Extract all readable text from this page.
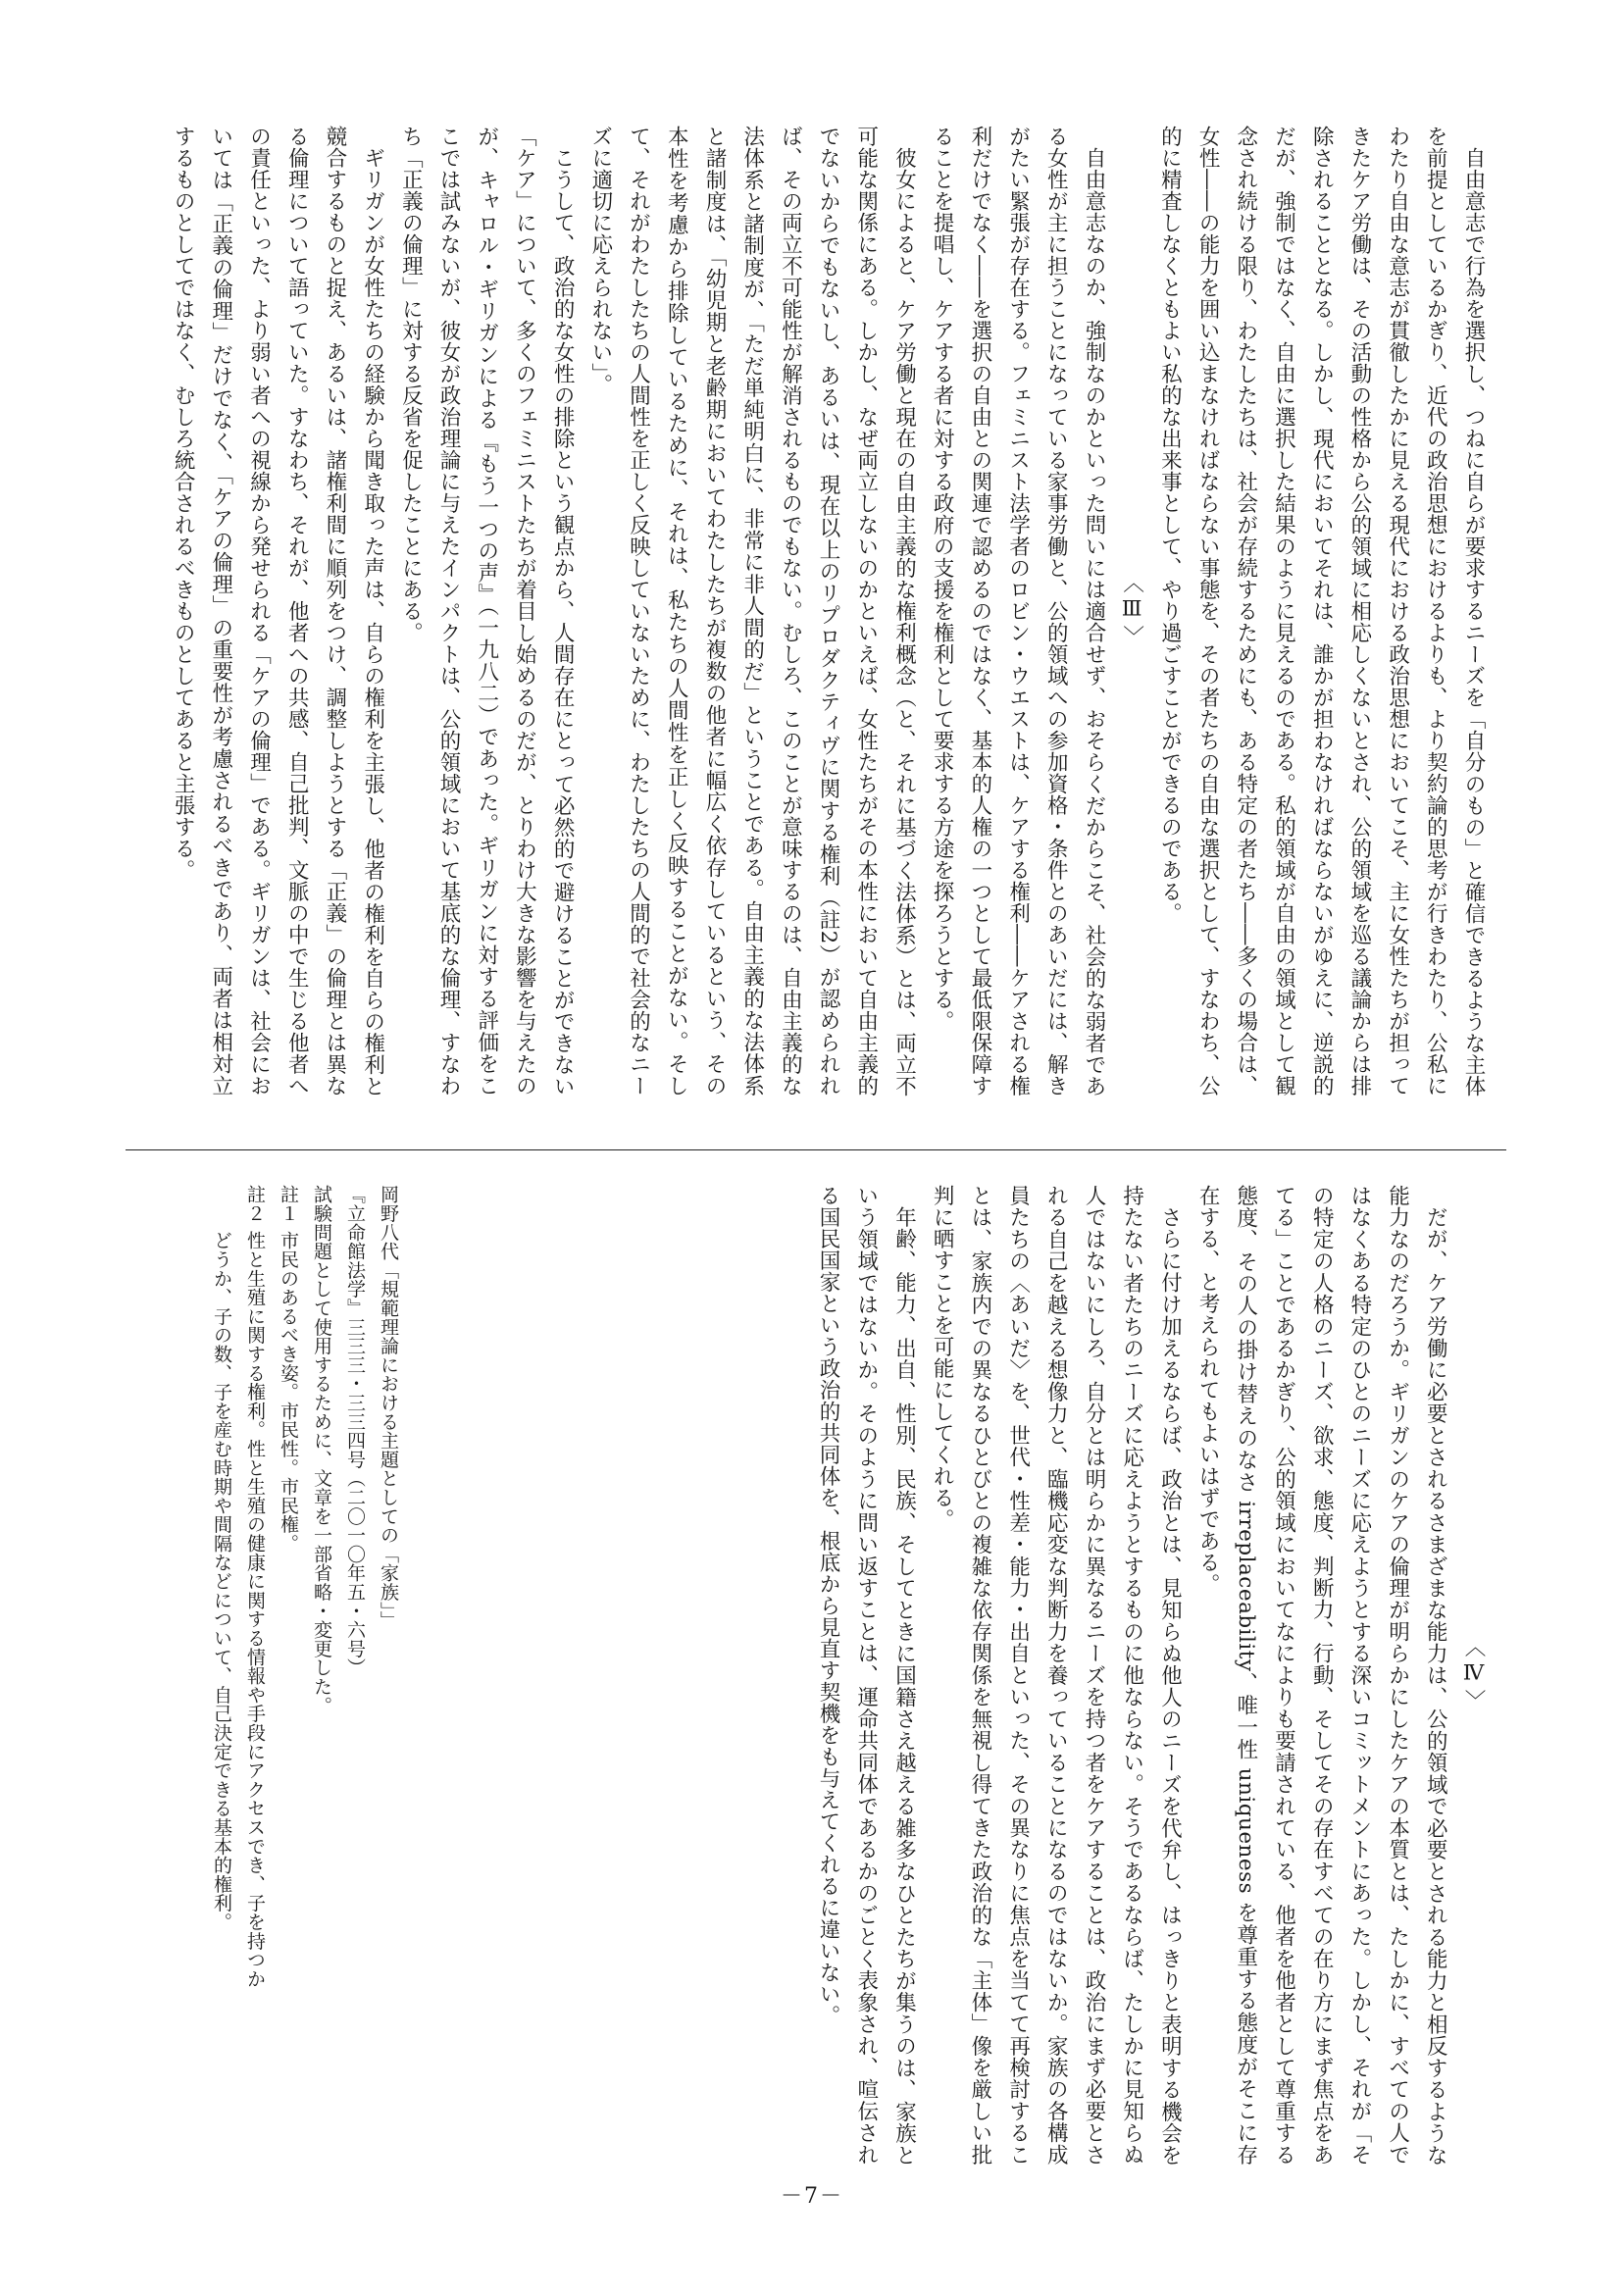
自由意志で行為を選択し、つねに自らが要求するニーズを「自分のもの」と確信できるような主体を前提としているかぎり、近代の政治思想におけるよりも、より契約論的思考が行きわたり、公私にわたり自由な意志が貫徹したかに見える現代における政治思想においてこそ、主に女性たちが担ってきたケア労働は、その活動の性格から公的領域に相応しくないとされ、公的領域を巡る議論からは排除されることとなる。しかし、現代においてそれは、誰かが担わなければならないがゆえに、逆説的だが、強制ではなく、自由に選択した結果のように見えるのである。私的領域が自由の領域として観念され続ける限り、わたしたちは、社会が存続するためにも、ある特定の者たち――多くの場合は、女性――の能力を囲い込まなければならない事態を、その者たちの自由な選択として、すなわち、公的に精査しなくともよい私的な出来事として、やり過ごすことができるのである。

〈Ⅲ〉

自由意志なのか、強制なのかといった問いには適合せず、おそらくだからこそ、社会的な弱者である女性が主に担うことになっている家事労働と、公的領域への参加資格・条件とのあいだには、解きがたい緊張が存在する。フェミニスト法学者のロビン・ウエストは、ケアする権利――ケアされる権利だけでなく――を選択の自由との関連で認めるのではなく、基本的人権の一つとして最低限保障することを提唱し、ケアする者に対する政府の支援を権利として要求する方途を探ろうとする。

彼女によると、ケア労働と現在の自由主義的な権利概念（と、それに基づく法体系）とは、両立不可能な関係にある。しかし、なぜ両立しないのかといえば、女性たちがその本性において自由主義的でないからでもないし、あるいは、現在以上のリプロダクティヴに関する権利（註2）が認められれば、その両立不可能性が解消されるものでもない。むしろ、このことが意味するのは、自由主義的な法体系と諸制度が、「ただ単純明白に、非常に非人間的だ」ということである。自由主義的な法体系と諸制度は、「幼児期と老齢期においてわたしたちが複数の他者に幅広く依存しているという、その本性を考慮から排除しているために、それは、私たちの人間性を正しく反映することがない。そして、それがわたしたちの人間性を正しく反映していないために、わたしたちの人間的で社会的なニーズに適切に応えられない」。

こうして、政治的な女性の排除という観点から、人間存在にとって必然的で避けることができない「ケア」について、多くのフェミニストたちが着目し始めるのだが、とりわけ大きな影響を与えたのが、キャロル・ギリガンによる『もう一つの声』（一九八二）であった。ギリガンに対する評価をここでは試みないが、彼女が政治理論に与えたインパクトは、公的領域において基底的な倫理、すなわち「正義の倫理」に対する反省を促したことにある。

ギリガンが女性たちの経験から聞き取った声は、自らの権利を主張し、他者の権利を自らの権利と競合するものと捉え、あるいは、諸権利間に順列をつけ、調整しようとする「正義」の倫理とは異なる倫理について語っていた。すなわち、それが、他者への共感、自己批判、文脈の中で生じる他者への責任といった、より弱い者への視線から発せられる「ケアの倫理」である。ギリガンは、社会においては「正義の倫理」だけでなく、「ケアの倫理」の重要性が考慮されるべきであり、両者は相対立するものとしてではなく、むしろ統合されるべきものとしてあると主張する。

〈Ⅳ〉

だが、ケア労働に必要とされるさまざまな能力は、公的領域で必要とされる能力と相反するような能力なのだろうか。ギリガンのケアの倫理が明らかにしたケアの本質とは、たしかに、すべての人ではなくある特定のひとのニーズに応えようとする深いコミットメントにあった。しかし、それが「その特定の人格のニーズ、欲求、態度、判断力、行動、そしてその存在すべての在り方にまず焦点をあてる」ことであるかぎり、公的領域においてなによりも要請されている、他者を他者として尊重する態度、その人の掛け替えのなさ irreplaceability、唯一性 uniqueness を尊重する態度がそこに存在する、と考えられてもよいはずである。

さらに付け加えるならば、政治とは、見知らぬ他人のニーズを代弁し、はっきりと表明する機会を持たない者たちのニーズに応えようとするものに他ならない。そうであるならば、たしかに見知らぬ人ではないにしろ、自分とは明らかに異なるニーズを持つ者をケアすることは、政治にまず必要とされる自己を越える想像力と、臨機応変な判断力を養っていることになるのではないか。家族の各構成員たちの〈あいだ〉を、世代・性差・能力・出自といった、その異なりに焦点を当てて再検討することは、家族内での異なるひとびとの複雑な依存関係を無視し得てきた政治的な「主体」像を厳しい批判に晒すことを可能にしてくれる。

年齢、能力、出自、性別、民族、そしてときに国籍さえ越える雑多なひとたちが集うのは、家族という領域ではないか。そのように問い返すことは、運命共同体であるかのごとく表象され、喧伝される国民国家という政治的共同体を、根底から見直す契機をも与えてくれるに違いない。

岡野八代「規範理論における主題としての「家族」」

『立命館法学』三三三・三三四号（二〇一〇年五・六号）

試験問題として使用するために、文章を一部省略・変更した。

註１
市民のあるべき姿。市民性。市民権。
註２
性と生殖に関する権利。性と生殖の健康に関する情報や手段にアクセスでき、子を持つかどうか、子の数、子を産む時期や間隔などについて、自己決定できる基本的権利。
－7－
